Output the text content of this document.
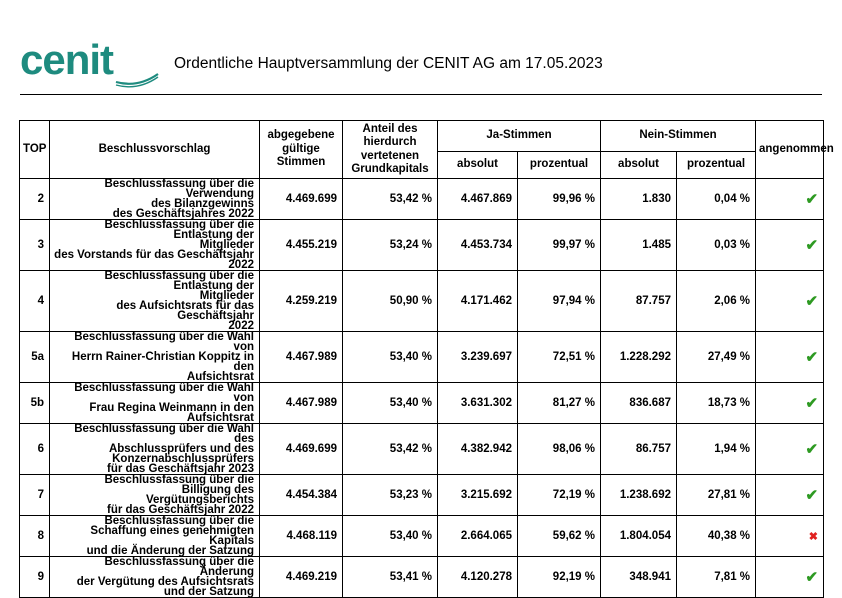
cenit	Ordentliche Hauptversammlung der CENIT AG am 17.05.2023
TOP	Beschlussvorschlag	abgegebene gültige Stimmen	Anteil des hierdurch vertetenen Grundkapitals	Ja-Stimmen		Nein-Stimmen		angenommen
				absolut	prozentual	absolut	prozentual	
2	Beschlussfassung über die Verwendung
des Bilanzgewinns
des Geschäftsjahres 2022	4.469.699	53,42 %	4.467.869	99,96 %	1.830	0,04 %	✔
3	Beschlussfassung über die Entlastung der
Mitglieder
des Vorstands für das Geschäftsjahr 2022	4.455.219	53,24 %	4.453.734	99,97 %	1.485	0,03 %	✔
4	Beschlussfassung über die Entlastung der
Mitglieder
des Aufsichtsrats für das Geschäftsjahr
2022	4.259.219	50,90 %	4.171.462	97,94 %	87.757	2,06 %	✔
5a	Beschlussfassung über die Wahl von
Herrn Rainer-Christian Koppitz in den
Aufsichtsrat	4.467.989	53,40 %	3.239.697	72,51 %	1.228.292	27,49 %	✔
5b	Beschlussfassung über die Wahl von
Frau Regina Weinmann in den Aufsichtsrat	4.467.989	53,40 %	3.631.302	81,27 %	836.687	18,73 %	✔
6	Beschlussfassung über die Wahl des
Abschlussprüfers und des
Konzernabschlussprüfers
für das Geschäftsjahr 2023	4.469.699	53,42 %	4.382.942	98,06 %	86.757	1,94 %	✔
7	Beschlussfassung über die Billigung des
Vergütungsberichts
für das Geschäftsjahr 2022	4.454.384	53,23 %	3.215.692	72,19 %	1.238.692	27,81 %	✔
8	Beschlussfassung über die
Schaffung eines genehmigten Kapitals
und die Änderung der Satzung	4.468.119	53,40 %	2.664.065	59,62 %	1.804.054	40,38 %	✖
9	Beschlussfassung über die Änderung
der Vergütung des Aufsichtsrats
und der Satzung	4.469.219	53,41 %	4.120.278	92,19 %	348.941	7,81 %	✔
